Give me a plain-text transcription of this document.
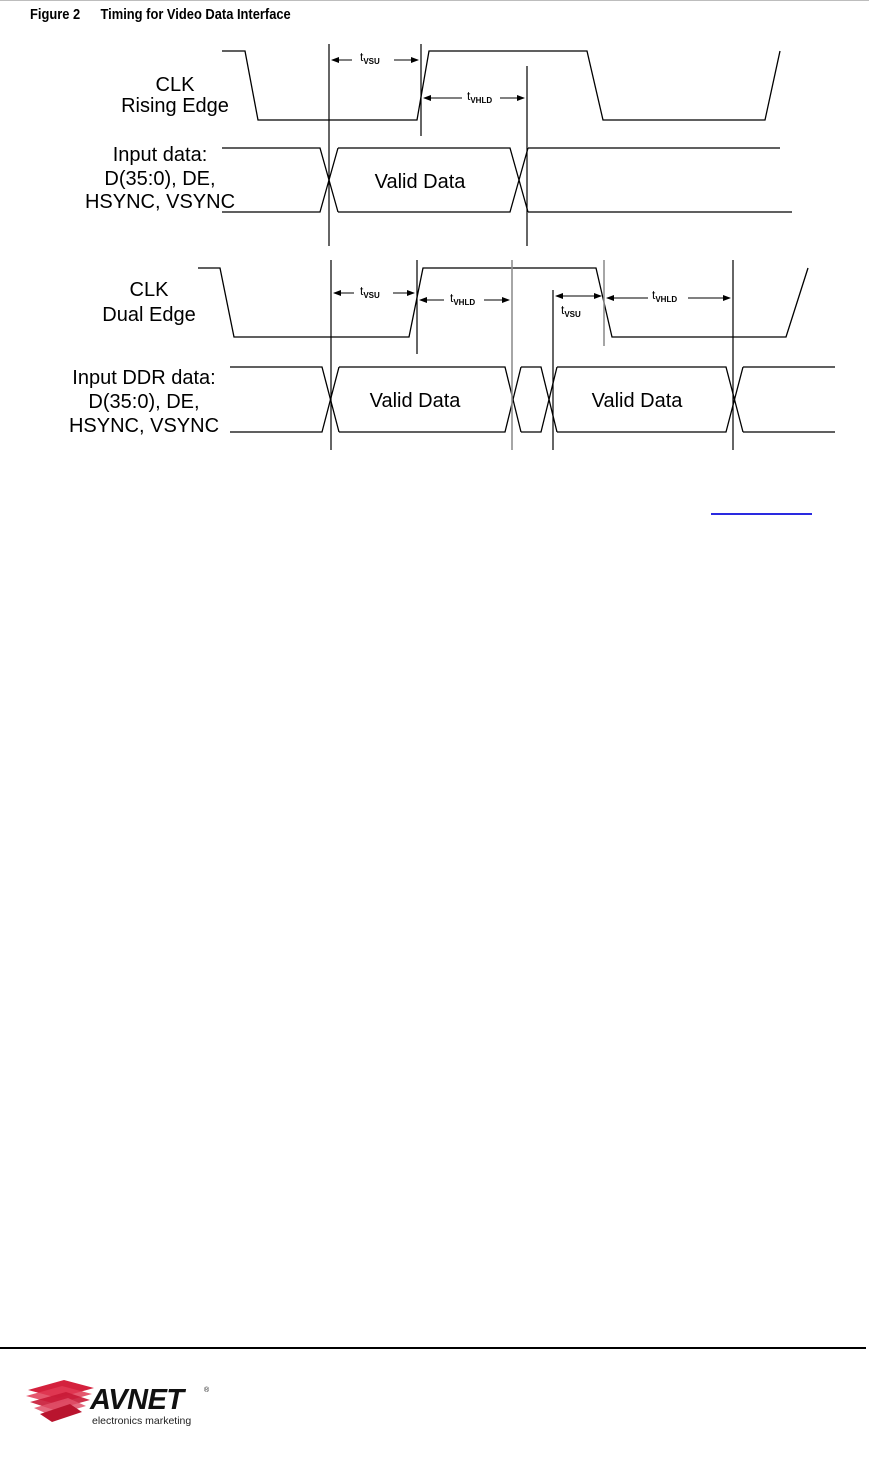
Figure 2 Timing for Video Data Interface
CLK
Rising Edge
Input data:
D(35:0), DE,
HSYNC, VSYNC
Valid Data
tVSU
tVHLD
CLK
Dual Edge
Input DDR data:
D(35:0), DE,
HSYNC, VSYNC
Valid Data	Valid Data
tVSU	tVHLD
tVSU
tVHLD
AVNET	®
electronics marketing
